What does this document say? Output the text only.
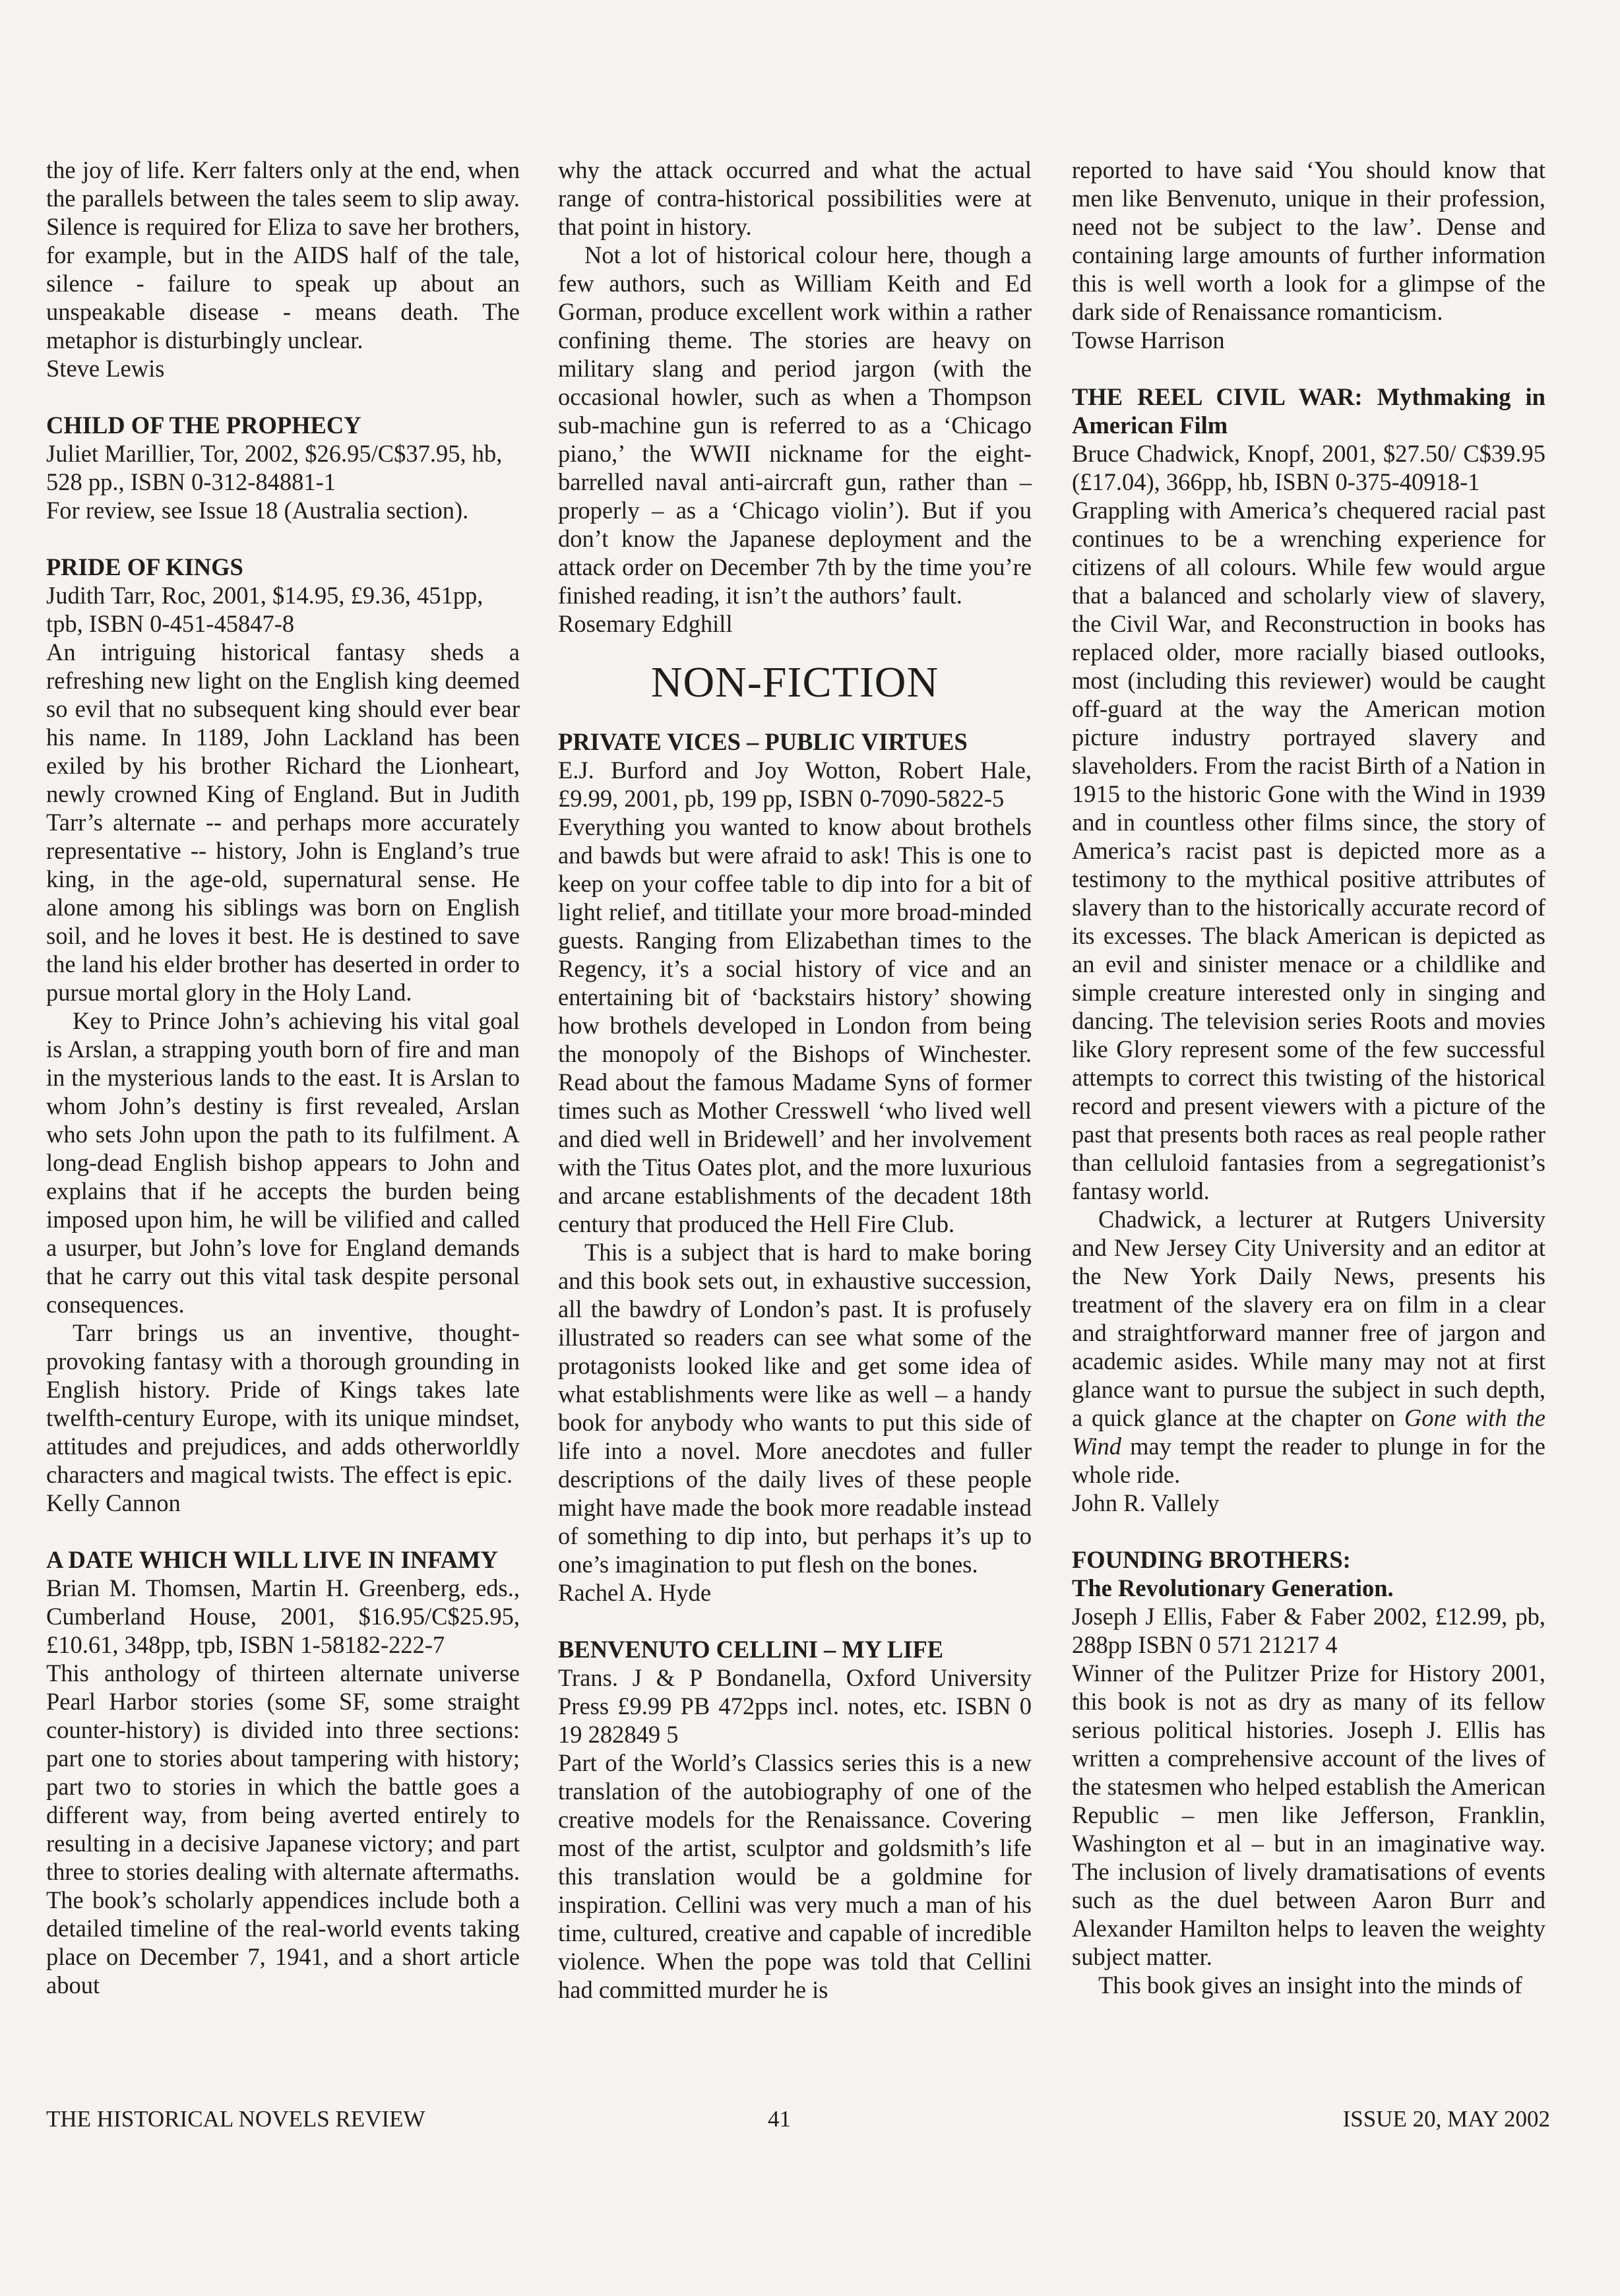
the joy of life. Kerr falters only at the end, when the parallels between the tales seem to slip away. Silence is required for Eliza to save her brothers, for example, but in the AIDS half of the tale, silence - failure to speak up about an unspeakable disease - means death. The metaphor is disturbingly unclear.

Steve Lewis

CHILD OF THE PROPHECY

Juliet Marillier, Tor, 2002, $26.95/C$37.95, hb, 528 pp., ISBN 0-312-84881-1

For review, see Issue 18 (Australia section).

PRIDE OF KINGS

Judith Tarr, Roc, 2001, $14.95, £9.36, 451pp, tpb, ISBN 0-451-45847-8

An intriguing historical fantasy sheds a refreshing new light on the English king deemed so evil that no subsequent king should ever bear his name. In 1189, John Lackland has been exiled by his brother Richard the Lionheart, newly crowned King of England. But in Judith Tarr’s alternate -- and perhaps more accurately representative -- history, John is England’s true king, in the age-old, supernatural sense. He alone among his siblings was born on English soil, and he loves it best. He is destined to save the land his elder brother has deserted in order to pursue mortal glory in the Holy Land.

Key to Prince John’s achieving his vital goal is Arslan, a strapping youth born of fire and man in the mysterious lands to the east. It is Arslan to whom John’s destiny is first revealed, Arslan who sets John upon the path to its fulfilment. A long-dead English bishop appears to John and explains that if he accepts the burden being imposed upon him, he will be vilified and called a usurper, but John’s love for England demands that he carry out this vital task despite personal consequences.

Tarr brings us an inventive, thought-provoking fantasy with a thorough grounding in English history. Pride of Kings takes late twelfth-century Europe, with its unique mindset, attitudes and prejudices, and adds otherworldly characters and magical twists. The effect is epic.

Kelly Cannon

A DATE WHICH WILL LIVE IN INFAMY

Brian M. Thomsen, Martin H. Greenberg, eds., Cumberland House, 2001, $16.95/C$25.95, £10.61, 348pp, tpb, ISBN 1-58182-222-7

This anthology of thirteen alternate universe Pearl Harbor stories (some SF, some straight counter-history) is divided into three sections: part one to stories about tampering with history; part two to stories in which the battle goes a different way, from being averted entirely to resulting in a decisive Japanese victory; and part three to stories dealing with alternate aftermaths. The book’s scholarly appendices include both a detailed timeline of the real-world events taking place on December 7, 1941, and a short article about

why the attack occurred and what the actual range of contra-historical possibilities were at that point in history.

Not a lot of historical colour here, though a few authors, such as William Keith and Ed Gorman, produce excellent work within a rather confining theme. The stories are heavy on military slang and period jargon (with the occasional howler, such as when a Thompson sub-machine gun is referred to as a ‘Chicago piano,’ the WWII nickname for the eight-barrelled naval anti-aircraft gun, rather than – properly – as a ‘Chicago violin’). But if you don’t know the Japanese deployment and the attack order on December 7th by the time you’re finished reading, it isn’t the authors’ fault.

Rosemary Edghill

NON-FICTION

PRIVATE VICES – PUBLIC VIRTUES

E.J. Burford and Joy Wotton, Robert Hale, £9.99, 2001, pb, 199 pp, ISBN 0-7090-5822-5

Everything you wanted to know about brothels and bawds but were afraid to ask! This is one to keep on your coffee table to dip into for a bit of light relief, and titillate your more broad-minded guests. Ranging from Elizabethan times to the Regency, it’s a social history of vice and an entertaining bit of ‘backstairs history’ showing how brothels developed in London from being the monopoly of the Bishops of Winchester. Read about the famous Madame Syns of former times such as Mother Cresswell ‘who lived well and died well in Bridewell’ and her involvement with the Titus Oates plot, and the more luxurious and arcane establishments of the decadent 18th century that produced the Hell Fire Club.

This is a subject that is hard to make boring and this book sets out, in exhaustive succession, all the bawdry of London’s past. It is profusely illustrated so readers can see what some of the protagonists looked like and get some idea of what establishments were like as well – a handy book for anybody who wants to put this side of life into a novel. More anecdotes and fuller descriptions of the daily lives of these people might have made the book more readable instead of something to dip into, but perhaps it’s up to one’s imagination to put flesh on the bones.

Rachel A. Hyde

BENVENUTO CELLINI – MY LIFE

Trans. J & P Bondanella, Oxford University Press £9.99 PB 472pps incl. notes, etc. ISBN 0 19 282849 5

Part of the World’s Classics series this is a new translation of the autobiography of one of the creative models for the Renaissance. Covering most of the artist, sculptor and goldsmith’s life this translation would be a goldmine for inspiration. Cellini was very much a man of his time, cultured, creative and capable of incredible violence. When the pope was told that Cellini had committed murder he is

reported to have said ‘You should know that men like Benvenuto, unique in their profession, need not be subject to the law’. Dense and containing large amounts of further information this is well worth a look for a glimpse of the dark side of Renaissance romanticism.

Towse Harrison

THE REEL CIVIL WAR: Mythmaking in American Film

Bruce Chadwick, Knopf, 2001, $27.50/ C$39.95 (£17.04), 366pp, hb, ISBN 0-375-40918-1

Grappling with America’s chequered racial past continues to be a wrenching experience for citizens of all colours. While few would argue that a balanced and scholarly view of slavery, the Civil War, and Reconstruction in books has replaced older, more racially biased outlooks, most (including this reviewer) would be caught off-guard at the way the American motion picture industry portrayed slavery and slaveholders. From the racist Birth of a Nation in 1915 to the historic Gone with the Wind in 1939 and in countless other films since, the story of America’s racist past is depicted more as a testimony to the mythical positive attributes of slavery than to the historically accurate record of its excesses. The black American is depicted as an evil and sinister menace or a childlike and simple creature interested only in singing and dancing. The television series Roots and movies like Glory represent some of the few successful attempts to correct this twisting of the historical record and present viewers with a picture of the past that presents both races as real people rather than celluloid fantasies from a segregationist’s fantasy world.

Chadwick, a lecturer at Rutgers University and New Jersey City University and an editor at the New York Daily News, presents his treatment of the slavery era on film in a clear and straightforward manner free of jargon and academic asides. While many may not at first glance want to pursue the subject in such depth, a quick glance at the chapter on Gone with the Wind may tempt the reader to plunge in for the whole ride.

John R. Vallely

FOUNDING BROTHERS:

The Revolutionary Generation.

Joseph J Ellis, Faber & Faber 2002, £12.99, pb, 288pp ISBN 0 571 21217 4

Winner of the Pulitzer Prize for History 2001, this book is not as dry as many of its fellow serious political histories. Joseph J. Ellis has written a comprehensive account of the lives of the statesmen who helped establish the American Republic – men like Jefferson, Franklin, Washington et al – but in an imaginative way. The inclusion of lively dramatisations of events such as the duel between Aaron Burr and Alexander Hamilton helps to leaven the weighty subject matter.

This book gives an insight into the minds of

THE HISTORICAL NOVELS REVIEW	41	ISSUE 20, MAY 2002
